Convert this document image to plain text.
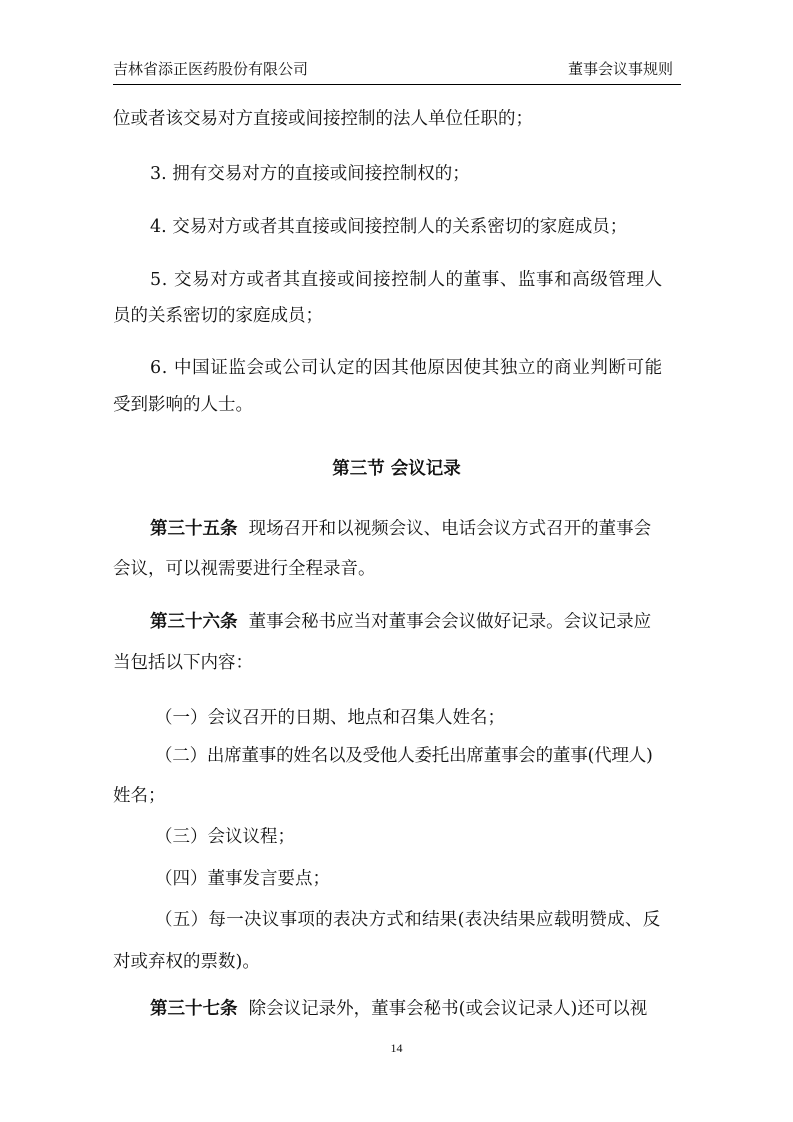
吉林省添正医药股份有限公司	董事会议事规则
位或者该交易对方直接或间接控制的法人单位任职的；
3. 拥有交易对方的直接或间接控制权的；
4. 交易对方或者其直接或间接控制人的关系密切的家庭成员；
5. 交易对方或者其直接或间接控制人的董事、监事和高级管理人
员的关系密切的家庭成员；
6. 中国证监会或公司认定的因其他原因使其独立的商业判断可能
受到影响的人士。
第三节 会议记录
第三十五条 现场召开和以视频会议、电话会议方式召开的董事会
会议，可以视需要进行全程录音。
第三十六条 董事会秘书应当对董事会会议做好记录。会议记录应
当包括以下内容：
（一）会议召开的日期、地点和召集人姓名；
（二）出席董事的姓名以及受他人委托出席董事会的董事(代理人)
姓名；
（三）会议议程；
（四）董事发言要点；
（五）每一决议事项的表决方式和结果(表决结果应载明赞成、反
对或弃权的票数)。
第三十七条 除会议记录外，董事会秘书(或会议记录人)还可以视
14
